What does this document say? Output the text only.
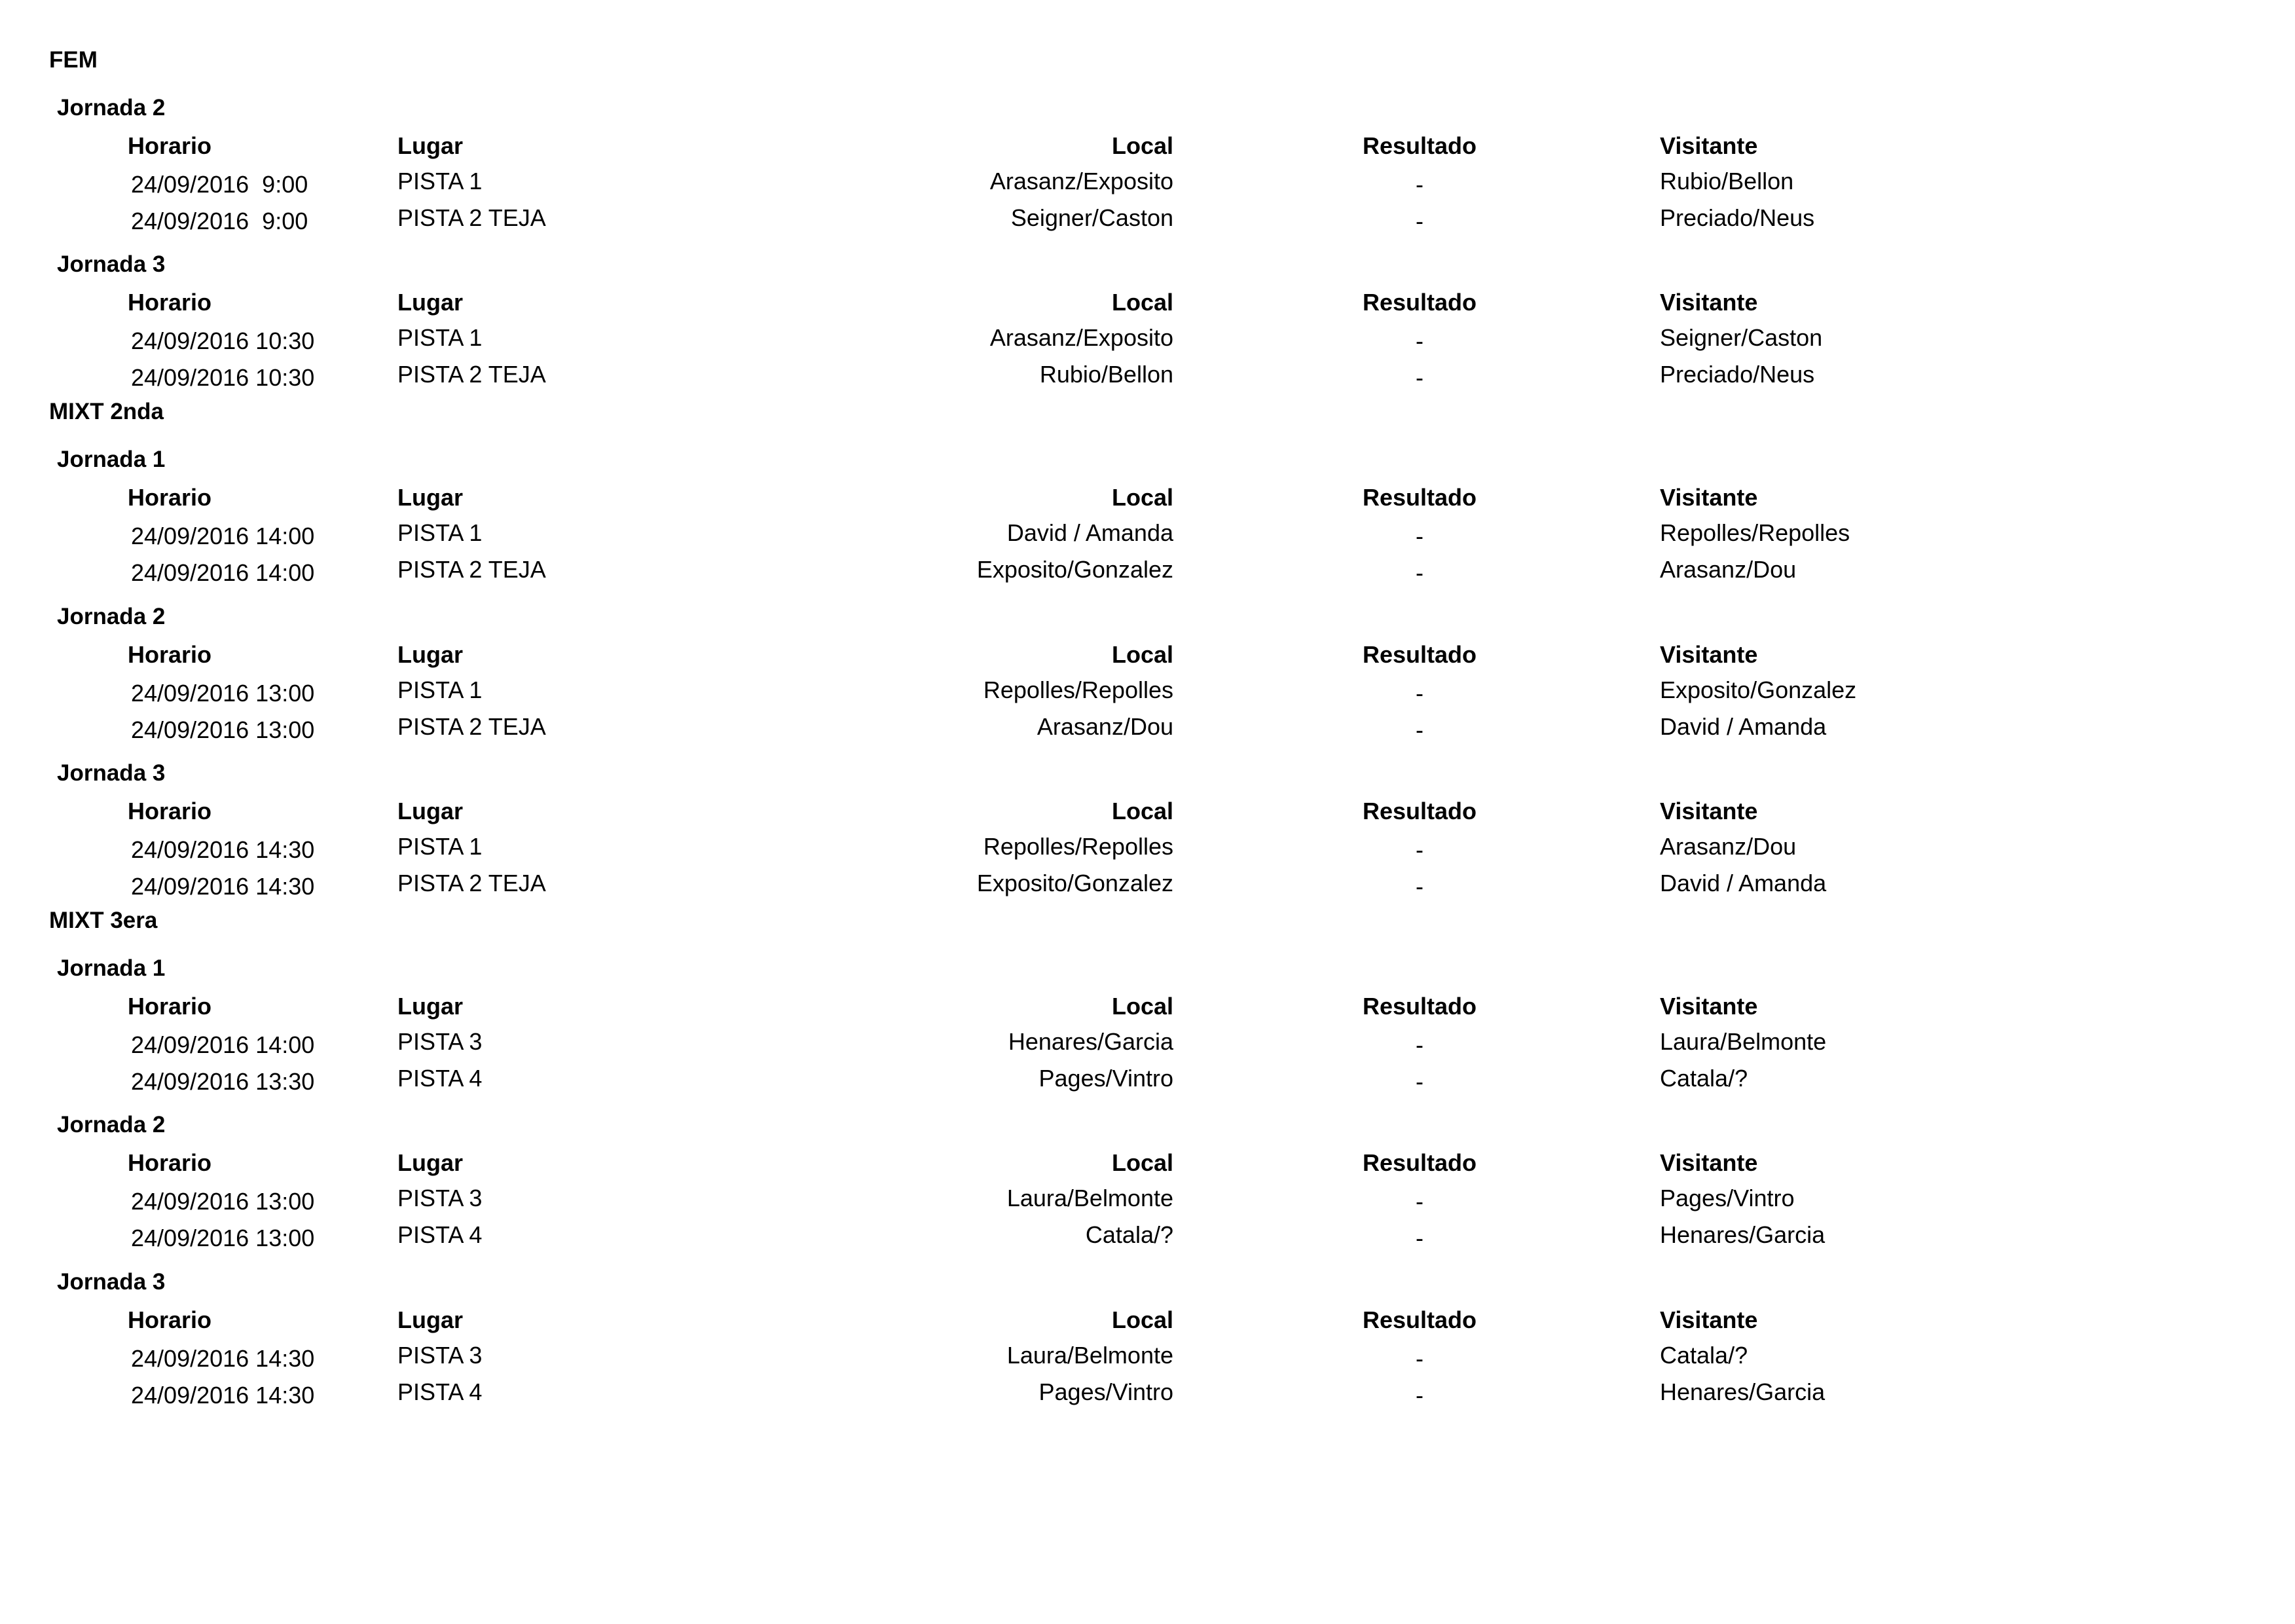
FEM
Jornada 2
Horario	Lugar	Local	Resultado	Visitante
24/09/2016  9:00	PISTA 1	Arasanz/Exposito	-	Rubio/Bellon
24/09/2016  9:00	PISTA 2 TEJA	Seigner/Caston	-	Preciado/Neus
Jornada 3
Horario	Lugar	Local	Resultado	Visitante
24/09/2016 10:30	PISTA 1	Arasanz/Exposito	-	Seigner/Caston
24/09/2016 10:30	PISTA 2 TEJA	Rubio/Bellon	-	Preciado/Neus
MIXT 2nda
Jornada 1
Horario	Lugar	Local	Resultado	Visitante
24/09/2016 14:00	PISTA 1	David / Amanda	-	Repolles/Repolles
24/09/2016 14:00	PISTA 2 TEJA	Exposito/Gonzalez	-	Arasanz/Dou
Jornada 2
Horario	Lugar	Local	Resultado	Visitante
24/09/2016 13:00	PISTA 1	Repolles/Repolles	-	Exposito/Gonzalez
24/09/2016 13:00	PISTA 2 TEJA	Arasanz/Dou	-	David / Amanda
Jornada 3
Horario	Lugar	Local	Resultado	Visitante
24/09/2016 14:30	PISTA 1	Repolles/Repolles	-	Arasanz/Dou
24/09/2016 14:30	PISTA 2 TEJA	Exposito/Gonzalez	-	David / Amanda
MIXT 3era
Jornada 1
Horario	Lugar	Local	Resultado	Visitante
24/09/2016 14:00	PISTA 3	Henares/Garcia	-	Laura/Belmonte
24/09/2016 13:30	PISTA 4	Pages/Vintro	-	Catala/?
Jornada 2
Horario	Lugar	Local	Resultado	Visitante
24/09/2016 13:00	PISTA 3	Laura/Belmonte	-	Pages/Vintro
24/09/2016 13:00	PISTA 4	Catala/?	-	Henares/Garcia
Jornada 3
Horario	Lugar	Local	Resultado	Visitante
24/09/2016 14:30	PISTA 3	Laura/Belmonte	-	Catala/?
24/09/2016 14:30	PISTA 4	Pages/Vintro	-	Henares/Garcia
